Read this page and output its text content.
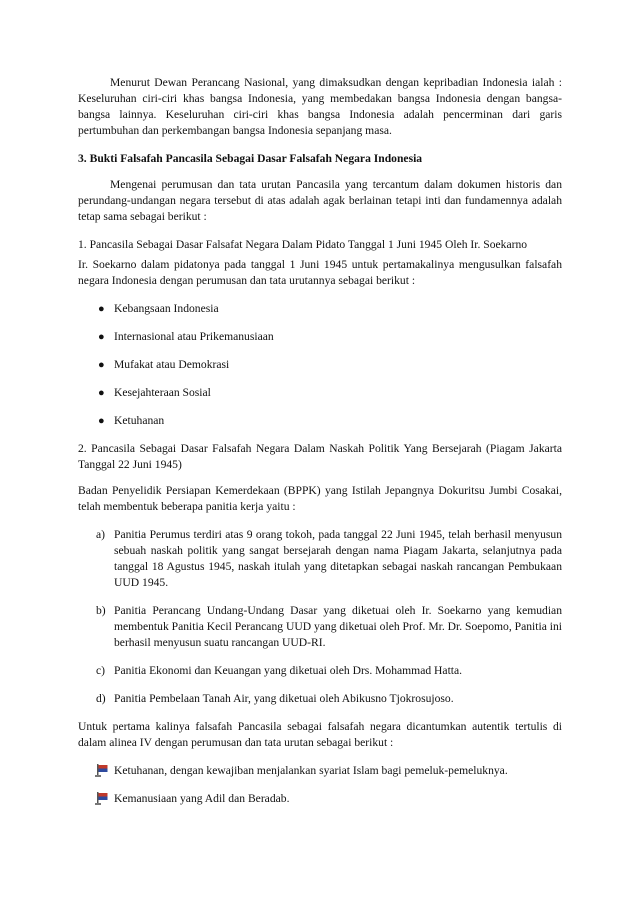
Menurut Dewan Perancang Nasional, yang dimaksudkan dengan kepribadian Indonesia ialah : Keseluruhan ciri-ciri khas bangsa Indonesia, yang membedakan bangsa Indonesia dengan bangsa-bangsa lainnya. Keseluruhan ciri-ciri khas bangsa Indonesia adalah pencerminan dari garis pertumbuhan dan perkembangan bangsa Indonesia sepanjang masa.

3. Bukti Falsafah Pancasila Sebagai Dasar Falsafah Negara Indonesia

Mengenai perumusan dan tata urutan Pancasila yang tercantum dalam dokumen historis dan perundang-undangan negara tersebut di atas adalah agak berlainan tetapi inti dan fundamennya adalah tetap sama sebagai berikut :

1. Pancasila Sebagai Dasar Falsafat Negara Dalam Pidato Tanggal 1 Juni 1945 Oleh Ir. Soekarno

Ir. Soekarno dalam pidatonya pada tanggal 1 Juni 1945 untuk pertamakalinya mengusulkan falsafah negara Indonesia dengan perumusan dan tata urutannya sebagai berikut :

● Kebangsaan Indonesia
● Internasional atau Prikemanusiaan
● Mufakat atau Demokrasi
● Kesejahteraan Sosial
● Ketuhanan

2. Pancasila Sebagai Dasar Falsafah Negara Dalam Naskah Politik Yang Bersejarah (Piagam Jakarta Tanggal 22 Juni 1945)

Badan Penyelidik Persiapan Kemerdekaan (BPPK) yang Istilah Jepangnya Dokuritsu Jumbi Cosakai, telah membentuk beberapa panitia kerja yaitu :

a) Panitia Perumus terdiri atas 9 orang tokoh, pada tanggal 22 Juni 1945, telah berhasil menyusun sebuah naskah politik yang sangat bersejarah dengan nama Piagam Jakarta, selanjutnya pada tanggal 18 Agustus 1945, naskah itulah yang ditetapkan sebagai naskah rancangan Pembukaan UUD 1945.
b) Panitia Perancang Undang-Undang Dasar yang diketuai oleh Ir. Soekarno yang kemudian membentuk Panitia Kecil Perancang UUD yang diketuai oleh Prof. Mr. Dr. Soepomo, Panitia ini berhasil menyusun suatu rancangan UUD-RI.
c) Panitia Ekonomi dan Keuangan yang diketuai oleh Drs. Mohammad Hatta.
d) Panitia Pembelaan Tanah Air, yang diketuai oleh Abikusno Tjokrosujoso.

Untuk pertama kalinya falsafah Pancasila sebagai falsafah negara dicantumkan autentik tertulis di dalam alinea IV dengan perumusan dan tata urutan sebagai berikut :

Ketuhanan, dengan kewajiban menjalankan syariat Islam bagi pemeluk-pemeluknya.
Kemanusiaan yang Adil dan Beradab.
